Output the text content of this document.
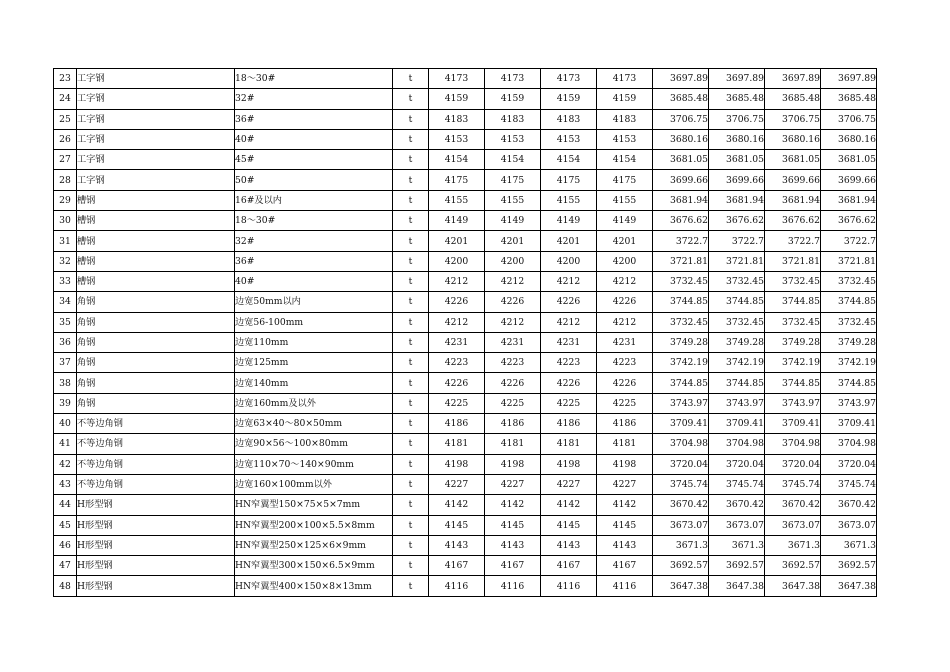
23	工字钢	18～30#	t	4173	4173	4173	4173	3697.89	3697.89	3697.89	3697.89
24	工字钢	32#	t	4159	4159	4159	4159	3685.48	3685.48	3685.48	3685.48
25	工字钢	36#	t	4183	4183	4183	4183	3706.75	3706.75	3706.75	3706.75
26	工字钢	40#	t	4153	4153	4153	4153	3680.16	3680.16	3680.16	3680.16
27	工字钢	45#	t	4154	4154	4154	4154	3681.05	3681.05	3681.05	3681.05
28	工字钢	50#	t	4175	4175	4175	4175	3699.66	3699.66	3699.66	3699.66
29	槽钢	16#及以内	t	4155	4155	4155	4155	3681.94	3681.94	3681.94	3681.94
30	槽钢	18～30#	t	4149	4149	4149	4149	3676.62	3676.62	3676.62	3676.62
31	槽钢	32#	t	4201	4201	4201	4201	3722.7	3722.7	3722.7	3722.7
32	槽钢	36#	t	4200	4200	4200	4200	3721.81	3721.81	3721.81	3721.81
33	槽钢	40#	t	4212	4212	4212	4212	3732.45	3732.45	3732.45	3732.45
34	角钢	边宽50mm以内	t	4226	4226	4226	4226	3744.85	3744.85	3744.85	3744.85
35	角钢	边宽56-100mm	t	4212	4212	4212	4212	3732.45	3732.45	3732.45	3732.45
36	角钢	边宽110mm	t	4231	4231	4231	4231	3749.28	3749.28	3749.28	3749.28
37	角钢	边宽125mm	t	4223	4223	4223	4223	3742.19	3742.19	3742.19	3742.19
38	角钢	边宽140mm	t	4226	4226	4226	4226	3744.85	3744.85	3744.85	3744.85
39	角钢	边宽160mm及以外	t	4225	4225	4225	4225	3743.97	3743.97	3743.97	3743.97
40	不等边角钢	边宽63×40～80×50mm	t	4186	4186	4186	4186	3709.41	3709.41	3709.41	3709.41
41	不等边角钢	边宽90×56～100×80mm	t	4181	4181	4181	4181	3704.98	3704.98	3704.98	3704.98
42	不等边角钢	边宽110×70～140×90mm	t	4198	4198	4198	4198	3720.04	3720.04	3720.04	3720.04
43	不等边角钢	边宽160×100mm以外	t	4227	4227	4227	4227	3745.74	3745.74	3745.74	3745.74
44	H形型钢	HN窄翼型150×75×5×7mm	t	4142	4142	4142	4142	3670.42	3670.42	3670.42	3670.42
45	H形型钢	HN窄翼型200×100×5.5×8mm	t	4145	4145	4145	4145	3673.07	3673.07	3673.07	3673.07
46	H形型钢	HN窄翼型250×125×6×9mm	t	4143	4143	4143	4143	3671.3	3671.3	3671.3	3671.3
47	H形型钢	HN窄翼型300×150×6.5×9mm	t	4167	4167	4167	4167	3692.57	3692.57	3692.57	3692.57
48	H形型钢	HN窄翼型400×150×8×13mm	t	4116	4116	4116	4116	3647.38	3647.38	3647.38	3647.38
